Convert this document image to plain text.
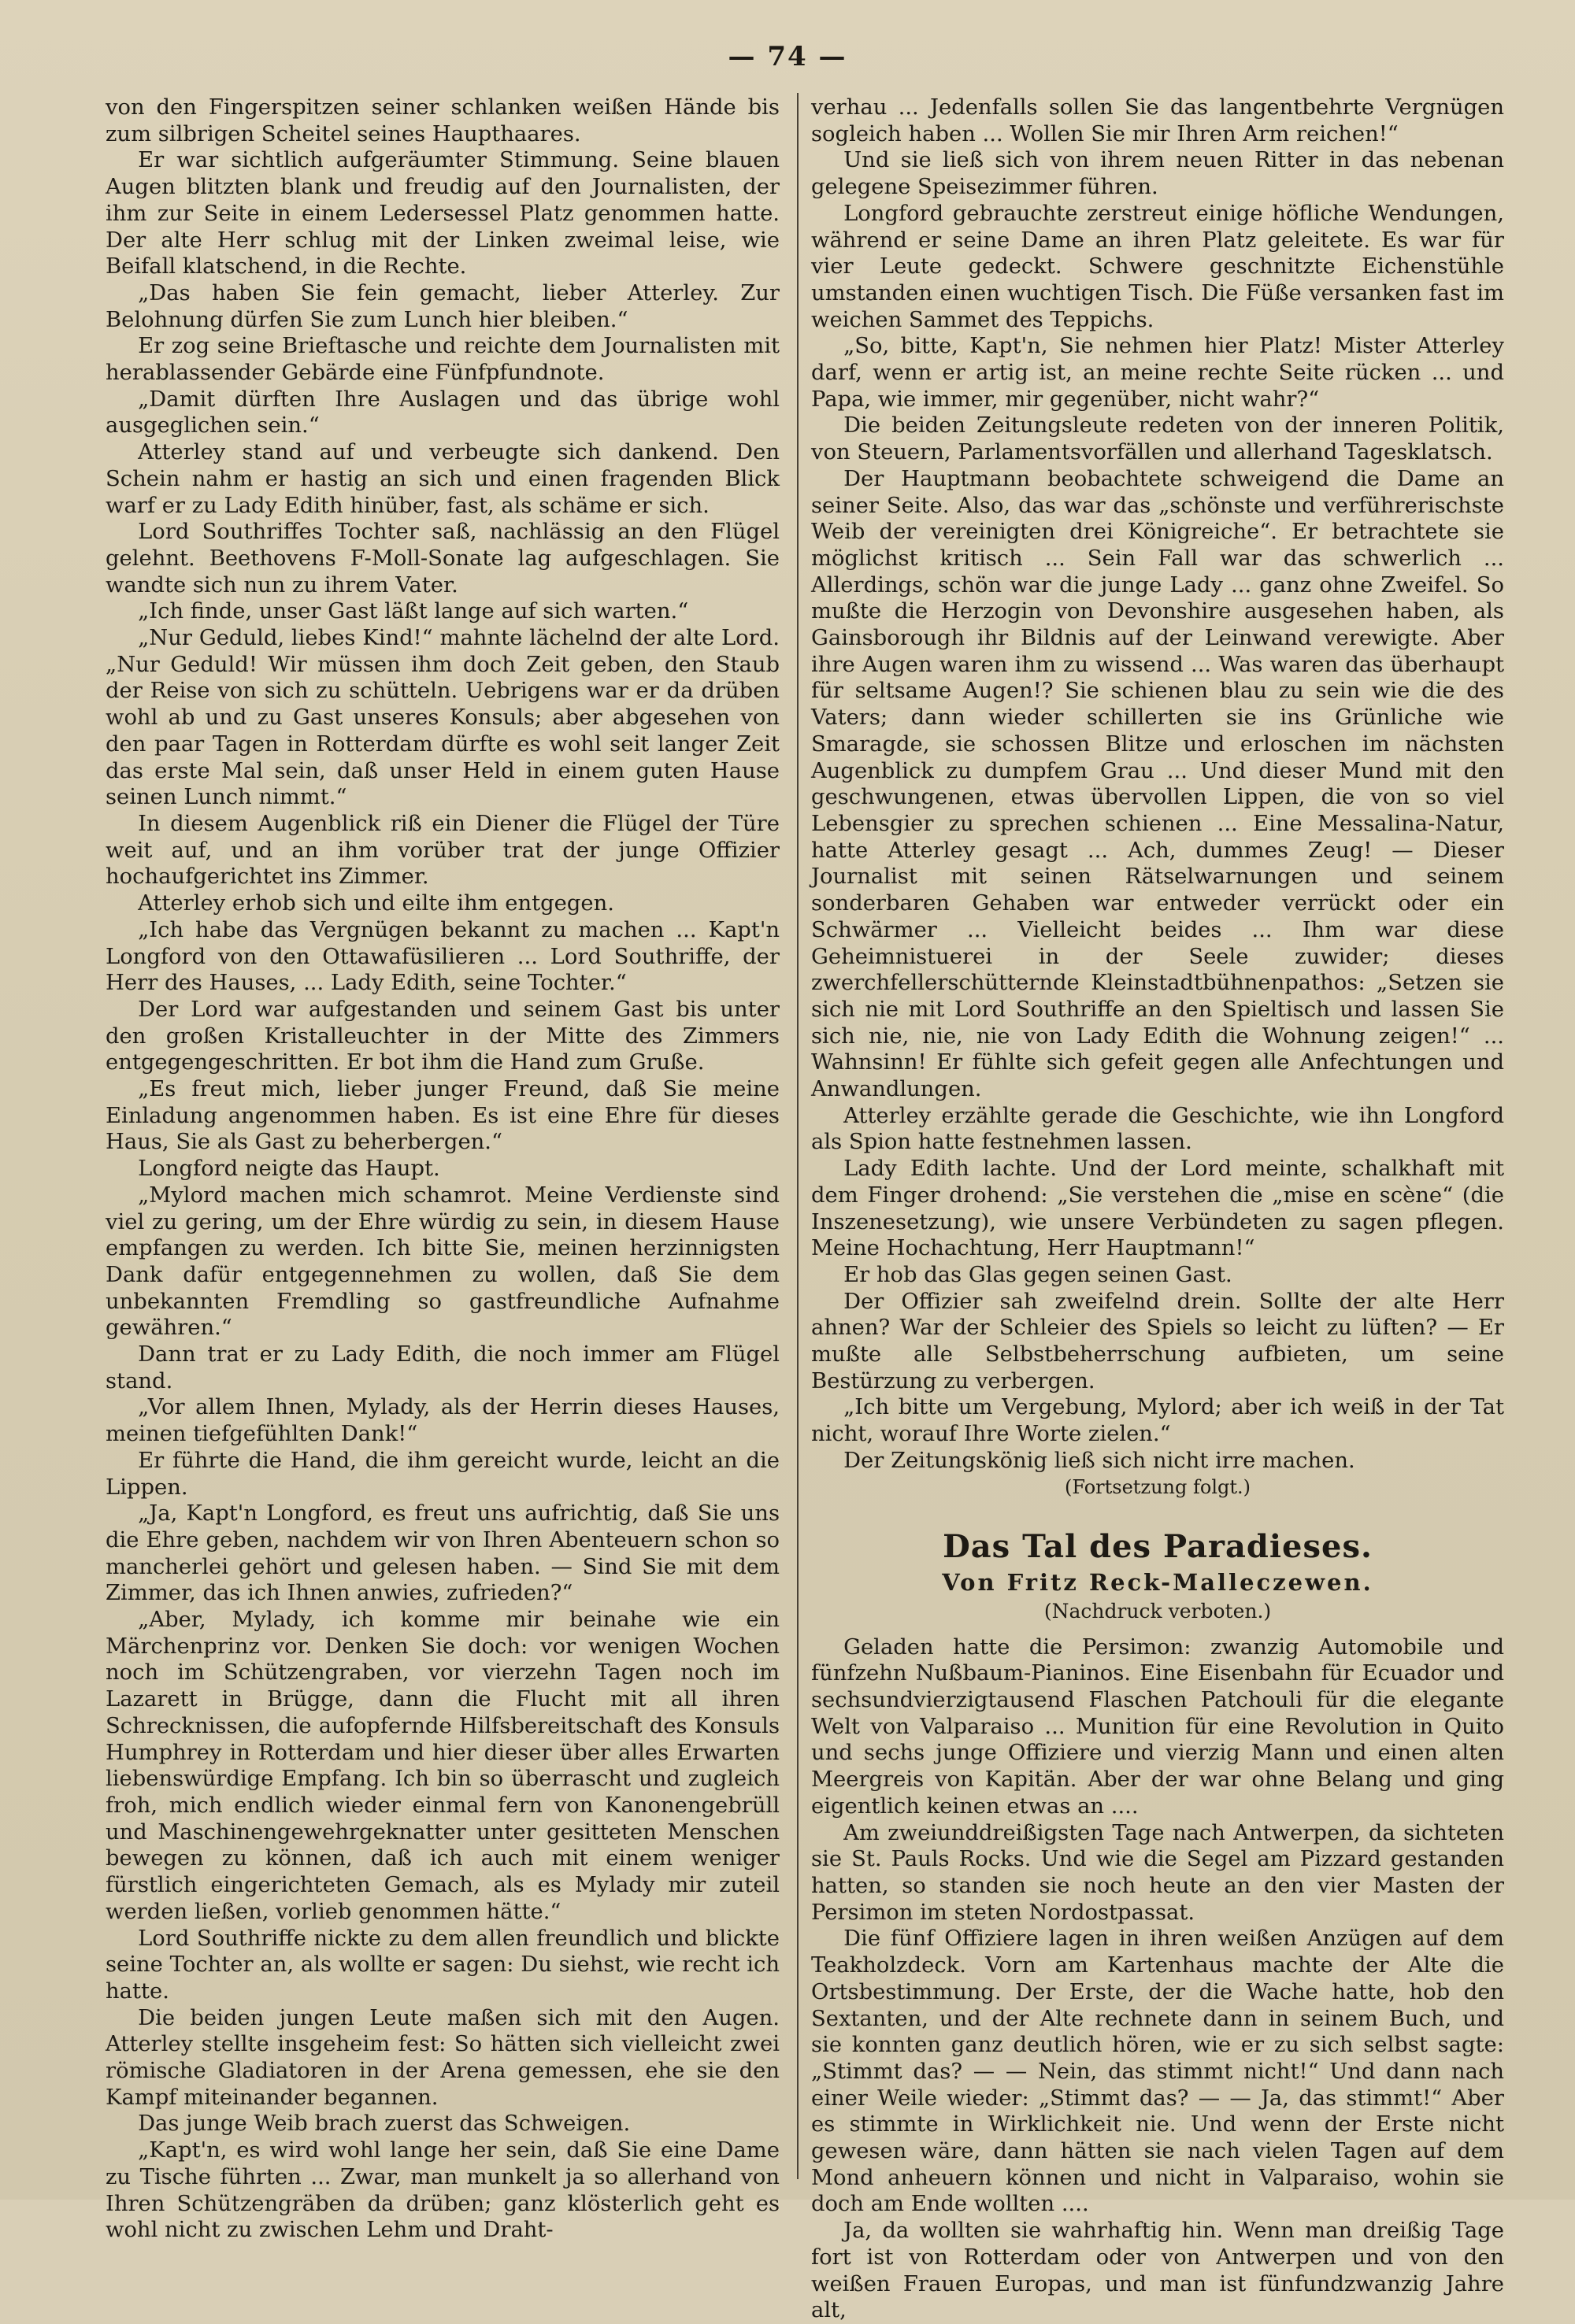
— 74 —

von den Fingerspitzen seiner schlanken weißen Hände bis zum silbrigen Scheitel seines Haupthaares.

Er war sichtlich aufgeräumter Stimmung. Seine blauen Augen blitzten blank und freudig auf den Journalisten, der ihm zur Seite in einem Ledersessel Platz genommen hatte. Der alte Herr schlug mit der Linken zweimal leise, wie Beifall klatschend, in die Rechte.

„Das haben Sie fein gemacht, lieber Atterley. Zur Belohnung dürfen Sie zum Lunch hier bleiben.“

Er zog seine Brieftasche und reichte dem Journalisten mit herablassender Gebärde eine Fünfpfundnote.

„Damit dürften Ihre Auslagen und das übrige wohl ausgeglichen sein.“

Atterley stand auf und verbeugte sich dankend. Den Schein nahm er hastig an sich und einen fragenden Blick warf er zu Lady Edith hinüber, fast, als schäme er sich.

Lord Southriffes Tochter saß, nachlässig an den Flügel gelehnt. Beethovens F-Moll-Sonate lag aufgeschlagen. Sie wandte sich nun zu ihrem Vater.

„Ich finde, unser Gast läßt lange auf sich warten.“

„Nur Geduld, liebes Kind!“ mahnte lächelnd der alte Lord. „Nur Geduld! Wir müssen ihm doch Zeit geben, den Staub der Reise von sich zu schütteln. Uebrigens war er da drüben wohl ab und zu Gast unseres Konsuls; aber abgesehen von den paar Tagen in Rotterdam dürfte es wohl seit langer Zeit das erste Mal sein, daß unser Held in einem guten Hause seinen Lunch nimmt.“

In diesem Augenblick riß ein Diener die Flügel der Türe weit auf, und an ihm vorüber trat der junge Offizier hochaufgerichtet ins Zimmer.

Atterley erhob sich und eilte ihm entgegen.

„Ich habe das Vergnügen bekannt zu machen ... Kapt'n Longford von den Ottawafüsilieren ... Lord Southriffe, der Herr des Hauses, ... Lady Edith, seine Tochter.“

Der Lord war aufgestanden und seinem Gast bis unter den großen Kristalleuchter in der Mitte des Zimmers entgegengeschritten. Er bot ihm die Hand zum Gruße.

„Es freut mich, lieber junger Freund, daß Sie meine Einladung angenommen haben. Es ist eine Ehre für dieses Haus, Sie als Gast zu beherbergen.“

Longford neigte das Haupt.

„Mylord machen mich schamrot. Meine Verdienste sind viel zu gering, um der Ehre würdig zu sein, in diesem Hause empfangen zu werden. Ich bitte Sie, meinen herzinnigsten Dank dafür entgegennehmen zu wollen, daß Sie dem unbekannten Fremdling so gastfreundliche Aufnahme gewähren.“

Dann trat er zu Lady Edith, die noch immer am Flügel stand.

„Vor allem Ihnen, Mylady, als der Herrin dieses Hauses, meinen tiefgefühlten Dank!“

Er führte die Hand, die ihm gereicht wurde, leicht an die Lippen.

„Ja, Kapt'n Longford, es freut uns aufrichtig, daß Sie uns die Ehre geben, nachdem wir von Ihren Abenteuern schon so mancherlei gehört und gelesen haben. — Sind Sie mit dem Zimmer, das ich Ihnen anwies, zufrieden?“

„Aber, Mylady, ich komme mir beinahe wie ein Märchenprinz vor. Denken Sie doch: vor wenigen Wochen noch im Schützengraben, vor vierzehn Tagen noch im Lazarett in Brügge, dann die Flucht mit all ihren Schrecknissen, die aufopfernde Hilfsbereitschaft des Konsuls Humphrey in Rotterdam und hier dieser über alles Erwarten liebenswürdige Empfang. Ich bin so überrascht und zugleich froh, mich endlich wieder einmal fern von Kanonengebrüll und Maschinengewehrgeknatter unter gesitteten Menschen bewegen zu können, daß ich auch mit einem weniger fürstlich eingerichteten Gemach, als es Mylady mir zuteil werden ließen, vorlieb genommen hätte.“

Lord Southriffe nickte zu dem allen freundlich und blickte seine Tochter an, als wollte er sagen: Du siehst, wie recht ich hatte.

Die beiden jungen Leute maßen sich mit den Augen. Atterley stellte insgeheim fest: So hätten sich vielleicht zwei römische Gladiatoren in der Arena gemessen, ehe sie den Kampf miteinander begannen.

Das junge Weib brach zuerst das Schweigen.

„Kapt'n, es wird wohl lange her sein, daß Sie eine Dame zu Tische führten ... Zwar, man munkelt ja so allerhand von Ihren Schützengräben da drüben; ganz klösterlich geht es wohl nicht zu zwischen Lehm und Draht-

verhau ... Jedenfalls sollen Sie das langentbehrte Vergnügen sogleich haben ... Wollen Sie mir Ihren Arm reichen!“

Und sie ließ sich von ihrem neuen Ritter in das nebenan gelegene Speisezimmer führen.

Longford gebrauchte zerstreut einige höfliche Wendungen, während er seine Dame an ihren Platz geleitete. Es war für vier Leute gedeckt. Schwere geschnitzte Eichenstühle umstanden einen wuchtigen Tisch. Die Füße versanken fast im weichen Sammet des Teppichs.

„So, bitte, Kapt'n, Sie nehmen hier Platz! Mister Atterley darf, wenn er artig ist, an meine rechte Seite rücken ... und Papa, wie immer, mir gegenüber, nicht wahr?“

Die beiden Zeitungsleute redeten von der inneren Politik, von Steuern, Parlamentsvorfällen und allerhand Tagesklatsch.

Der Hauptmann beobachtete schweigend die Dame an seiner Seite. Also, das war das „schönste und verführerischste Weib der vereinigten drei Königreiche“. Er betrachtete sie möglichst kritisch ... Sein Fall war das schwerlich ... Allerdings, schön war die junge Lady ... ganz ohne Zweifel. So mußte die Herzogin von Devonshire ausgesehen haben, als Gainsborough ihr Bildnis auf der Leinwand verewigte. Aber ihre Augen waren ihm zu wissend ... Was waren das überhaupt für seltsame Augen!? Sie schienen blau zu sein wie die des Vaters; dann wieder schillerten sie ins Grünliche wie Smaragde, sie schossen Blitze und erloschen im nächsten Augenblick zu dumpfem Grau ... Und dieser Mund mit den geschwungenen, etwas übervollen Lippen, die von so viel Lebensgier zu sprechen schienen ... Eine Messalina-Natur, hatte Atterley gesagt ... Ach, dummes Zeug! — Dieser Journalist mit seinen Rätselwarnungen und seinem sonderbaren Gehaben war entweder verrückt oder ein Schwärmer ... Vielleicht beides ... Ihm war diese Geheimnistuerei in der Seele zuwider; dieses zwerchfellerschütternde Kleinstadtbühnenpathos: „Setzen sie sich nie mit Lord Southriffe an den Spieltisch und lassen Sie sich nie, nie, nie von Lady Edith die Wohnung zeigen!“ ... Wahnsinn! Er fühlte sich gefeit gegen alle Anfechtungen und Anwandlungen.

Atterley erzählte gerade die Geschichte, wie ihn Longford als Spion hatte festnehmen lassen.

Lady Edith lachte. Und der Lord meinte, schalkhaft mit dem Finger drohend: „Sie verstehen die „mise en scène“ (die Inszenesetzung), wie unsere Verbündeten zu sagen pflegen. Meine Hochachtung, Herr Hauptmann!“

Er hob das Glas gegen seinen Gast.

Der Offizier sah zweifelnd drein. Sollte der alte Herr ahnen? War der Schleier des Spiels so leicht zu lüften? — Er mußte alle Selbstbeherrschung aufbieten, um seine Bestürzung zu verbergen.

„Ich bitte um Vergebung, Mylord; aber ich weiß in der Tat nicht, worauf Ihre Worte zielen.“

Der Zeitungskönig ließ sich nicht irre machen.

(Fortsetzung folgt.)

Das Tal des Paradieses.

Von Fritz Reck-Malleczewen.

(Nachdruck verboten.)

Geladen hatte die Persimon: zwanzig Automobile und fünfzehn Nußbaum-Pianinos. Eine Eisenbahn für Ecuador und sechsundvierzigtausend Flaschen Patchouli für die elegante Welt von Valparaiso ... Munition für eine Revolution in Quito und sechs junge Offiziere und vierzig Mann und einen alten Meergreis von Kapitän. Aber der war ohne Belang und ging eigentlich keinen etwas an ....

Am zweiunddreißigsten Tage nach Antwerpen, da sichteten sie St. Pauls Rocks. Und wie die Segel am Pizzard gestanden hatten, so standen sie noch heute an den vier Masten der Persimon im steten Nordostpassat.

Die fünf Offiziere lagen in ihren weißen Anzügen auf dem Teakholzdeck. Vorn am Kartenhaus machte der Alte die Ortsbestimmung. Der Erste, der die Wache hatte, hob den Sextanten, und der Alte rechnete dann in seinem Buch, und sie konnten ganz deutlich hören, wie er zu sich selbst sagte: „Stimmt das? — — Nein, das stimmt nicht!“ Und dann nach einer Weile wieder: „Stimmt das? — — Ja, das stimmt!“ Aber es stimmte in Wirklichkeit nie. Und wenn der Erste nicht gewesen wäre, dann hätten sie nach vielen Tagen auf dem Mond anheuern können und nicht in Valparaiso, wohin sie doch am Ende wollten ....

Ja, da wollten sie wahrhaftig hin. Wenn man dreißig Tage fort ist von Rotterdam oder von Antwerpen und von den weißen Frauen Europas, und man ist fünfundzwanzig Jahre alt,
